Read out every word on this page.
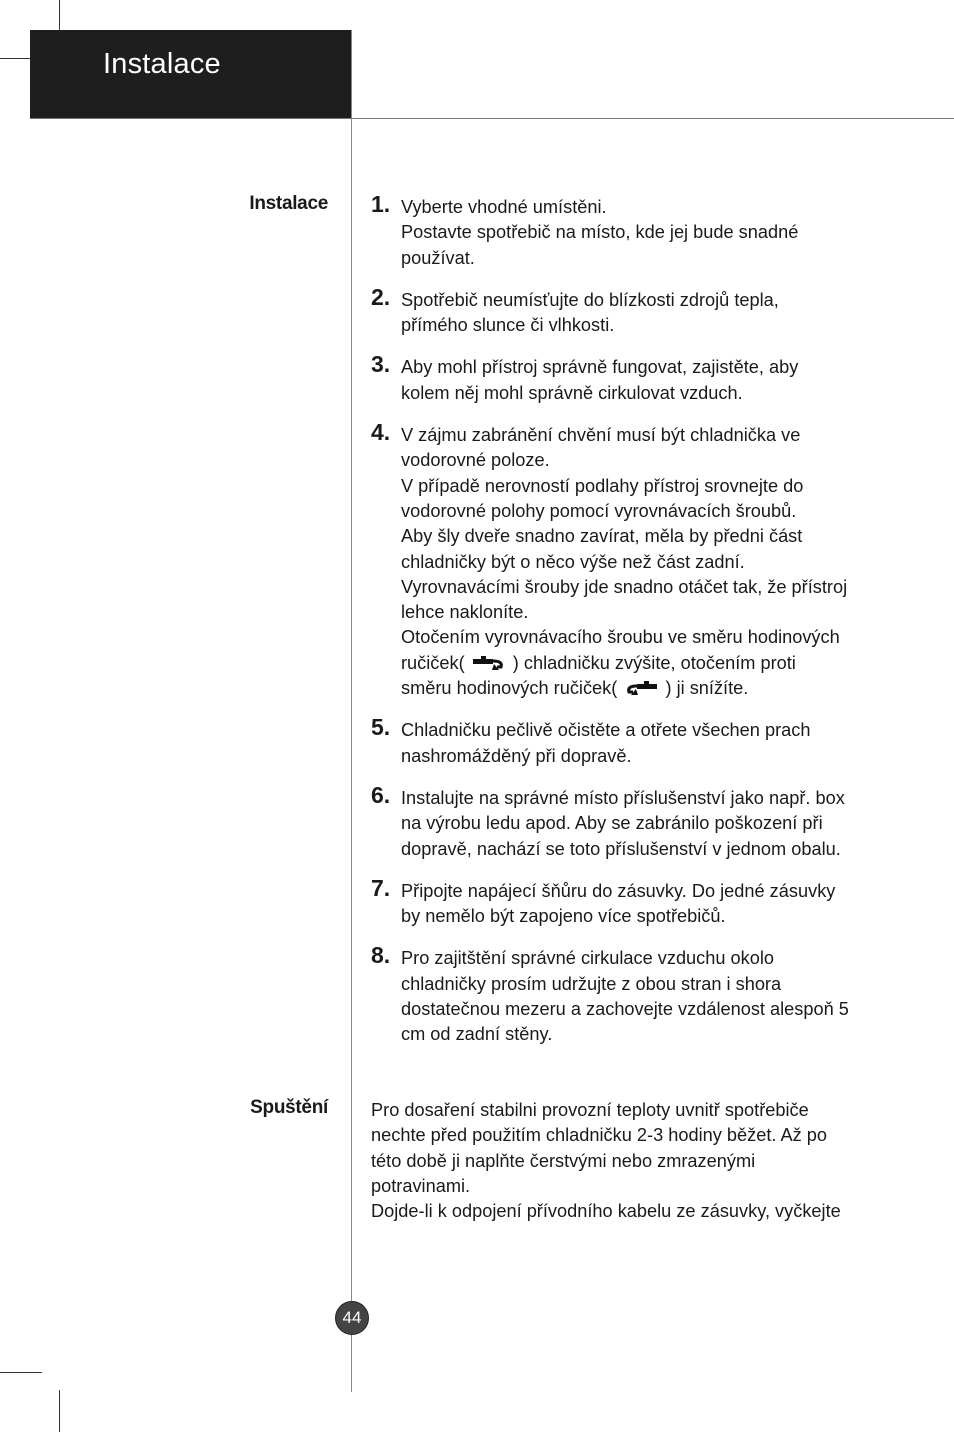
Instalace
Instalace
Spuštění
1. Vyberte vhodné umístěni.
Postavte spotřebič na místo, kde jej bude snadné
používat.
2. Spotřebič neumísťujte do blízkosti zdrojů tepla,
přímého slunce či vlhkosti.
3. Aby mohl přístroj správně fungovat, zajistěte, aby
kolem něj mohl správně cirkulovat vzduch.
4. V zájmu zabránění chvění musí být chladnička ve
vodorovné poloze.
V případě nerovností podlahy přístroj srovnejte do
vodorovné polohy pomocí vyrovnávacích šroubů.
Aby šly dveře snadno zavírat, měla by předni část
chladničky být o něco výše než část zadní.
Vyrovnavácími šrouby jde snadno otáčet tak, že přístroj
lehce nakloníte.
Otočením vyrovnávacího šroubu ve směru hodinových
ručiček(	) chladničku zvýšite, otočením proti
směru hodinových ručiček(	) ji snížíte.
5. Chladničku pečlivě očistěte a otřete všechen prach
nashromážděný při dopravě.
6. Instalujte na správné místo příslušenství jako např. box
na výrobu ledu apod. Aby se zabránilo poškození při
dopravě, nachází se toto příslušenství v jednom obalu.
7. Připojte napájecí šňůru do zásuvky. Do jedné zásuvky
by nemělo být zapojeno více spotřebičů.
8. Pro zajitštění správné cirkulace vzduchu okolo
chladničky prosím udržujte z obou stran i shora
dostatečnou mezeru a zachovejte vzdálenost alespoň 5
cm od zadní stěny.
Pro dosaření stabilni provozní teploty uvnitř spotřebiče
nechte před použitím chladničku 2-3 hodiny běžet. Až po
této době ji naplňte čerstvými nebo zmrazenými
potravinami.
Dojde-li k odpojení přívodního kabelu ze zásuvky, vyčkejte
44
